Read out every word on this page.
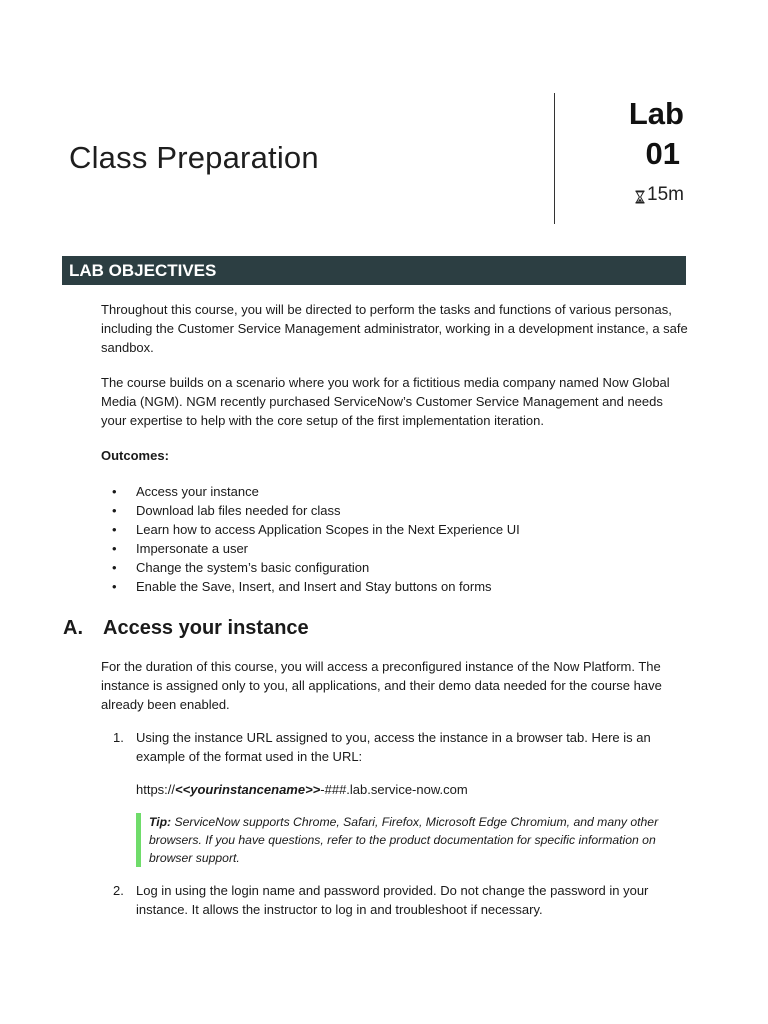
Class Preparation
Lab
01
15m
LAB OBJECTIVES

Throughout this course, you will be directed to perform the tasks and functions of various personas, including the Customer Service Management administrator, working in a development instance, a safe sandbox.

The course builds on a scenario where you work for a fictitious media company named Now Global Media (NGM). NGM recently purchased ServiceNow’s Customer Service Management and needs your expertise to help with the core setup of the first implementation iteration.

Outcomes:

• Access your instance
• Download lab files needed for class
• Learn how to access Application Scopes in the Next Experience UI
• Impersonate a user
• Change the system’s basic configuration
• Enable the Save, Insert, and Insert and Stay buttons on forms
A. Access your instance

For the duration of this course, you will access a preconfigured instance of the Now Platform. The instance is assigned only to you, all applications, and their demo data needed for the course have already been enabled.

1. Using the instance URL assigned to you, access the instance in a browser tab. Here is an example of the format used in the URL:

https://<<yourinstancename>>-###.lab.service-now.com

Tip: ServiceNow supports Chrome, Safari, Firefox, Microsoft Edge Chromium, and many other browsers. If you have questions, refer to the product documentation for specific information on browser support.
2. Log in using the login name and password provided. Do not change the password in your instance. It allows the instructor to log in and troubleshoot if necessary.
